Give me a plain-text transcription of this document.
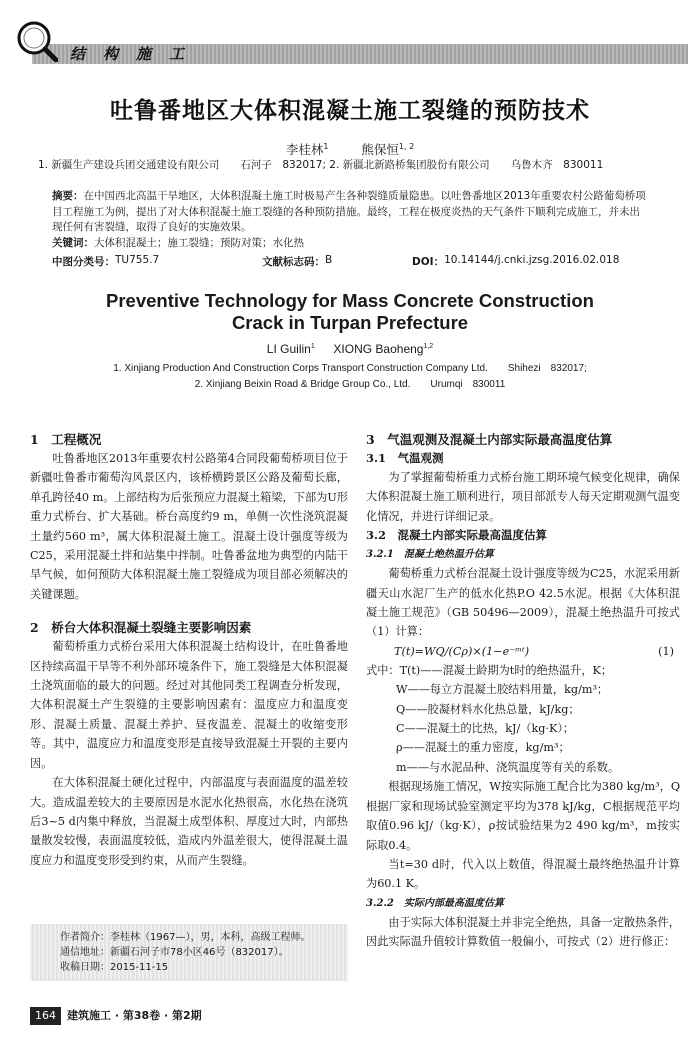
结构施工
吐鲁番地区大体积混凝土施工裂缝的预防技术
李桂林$^1$   	熊保恒$^{1, 2}$
1. 新疆生产建设兵团交通建设有限公司　　石河子　832017; 2. 新疆北新路桥集团股份有限公司　　乌鲁木齐　830011
摘要：在中国西北高温干旱地区，大体积混凝土施工时极易产生各种裂缝质量隐患。以吐鲁番地区2013年重要农村公路葡萄桥项目工程施工为例，提出了对大体积混凝土施工裂缝的各种预防措施。最终，工程在极度炎热的天气条件下顺利完成施工，并未出现任何有害裂缝，取得了良好的实施效果。
关键词：大体积混凝土；施工裂缝；预防对策；水化热
中图分类号： TU755.7	文献标志码： B	DOI： 10.14144/j.cnki.jzsg.2016.02.018
Preventive Technology for Mass Concrete Construction
Crack in Turpan Prefecture
LI Guilin$^1$   XIONG Baoheng$^{1,2}$
1. Xinjiang Production And Construction Corps Transport Construction Company Ltd.　　Shihezi　832017;
2. Xinjiang Beixin Road & Bridge Group Co., Ltd.　　Urumqi　830011
1　工程概况

吐鲁番地区2013年重要农村公路第4合同段葡萄桥项目位于新疆吐鲁番市葡萄沟风景区内，该桥横跨景区公路及葡萄长廊，单孔跨径40 m。上部结构为后张预应力混凝土箱梁，下部为U形重力式桥台、扩大基础。桥台高度约9 m，单侧一次性浇筑混凝土量约560 m³，属大体积混凝土施工。混凝土设计强度等级为C25，采用混凝土拌和站集中拌制。吐鲁番盆地为典型的内陆干旱气候，如何预防大体积混凝土施工裂缝成为项目部必须解决的关键课题。

2　桥台大体积混凝土裂缝主要影响因素

葡萄桥重力式桥台采用大体积混凝土结构设计，在吐鲁番地区持续高温干旱等不利外部环境条件下，施工裂缝是大体积混凝土浇筑面临的最大的问题。经过对其他同类工程调查分析发现，大体积混凝土产生裂缝的主要影响因素有：温度应力和温度变形、混凝土质量、混凝土养护、昼夜温差、混凝土的收缩变形等。其中，温度应力和温度变形是直接导致混凝土开裂的主要内因。

在大体积混凝土硬化过程中，内部温度与表面温度的温差较大。造成温差较大的主要原因是水泥水化热很高，水化热在浇筑后3~5 d内集中释放，当混凝土成型体积、厚度过大时，内部热量散发较慢，表面温度较低，造成内外温差很大，使得混凝土温度应力和温度变形受到约束，从而产生裂缝。

作者简介：李桂林（1967—），男，本科，高级工程师。
通信地址：新疆石河子市78小区46号（832017）。
收稿日期：2015-11-15
3　气温观测及混凝土内部实际最高温度估算
3.1　气温观测

为了掌握葡萄桥重力式桥台施工期环境气候变化规律，确保大体积混凝土施工顺利进行，项目部派专人每天定期观测气温变化情况，并进行详细记录。

3.2　混凝土内部实际最高温度估算
3.2.1　混凝土绝热温升估算

葡萄桥重力式桥台混凝土设计强度等级为C25，水泥采用新疆天山水泥厂生产的低水化热P.O 42.5水泥。根据《大体积混凝土施工规范》（GB 50496—2009），混凝土绝热温升可按式（1）计算：

T(t)=WQ/(Cρ)×(1−e⁻ᵐᵗ)	(1)
式中：T(t)——混凝土龄期为t时的绝热温升，K；
W——每立方混凝土胶结料用量，kg/m³；
Q——胶凝材料水化热总量，kJ/kg；
C——混凝土的比热，kJ/（kg·K）；
ρ——混凝土的重力密度，kg/m³；
m——与水泥品种、浇筑温度等有关的系数。

根据现场施工情况，W按实际施工配合比为380 kg/m³，Q根据厂家和现场试验室测定平均为378 kJ/kg，C根据规范平均取值0.96 kJ/（kg·K），ρ按试验结果为2 490 kg/m³，m按实际取0.4。

当t=30 d时，代入以上数值，得混凝土最终绝热温升计算为60.1 K。

3.2.2　实际内部最高温度估算

由于实际大体积混凝土并非完全绝热，具备一定散热条件，因此实际温升值较计算数值一般偏小，可按式（2）进行修正：

164 建筑施工 · 第38卷 · 第2期
